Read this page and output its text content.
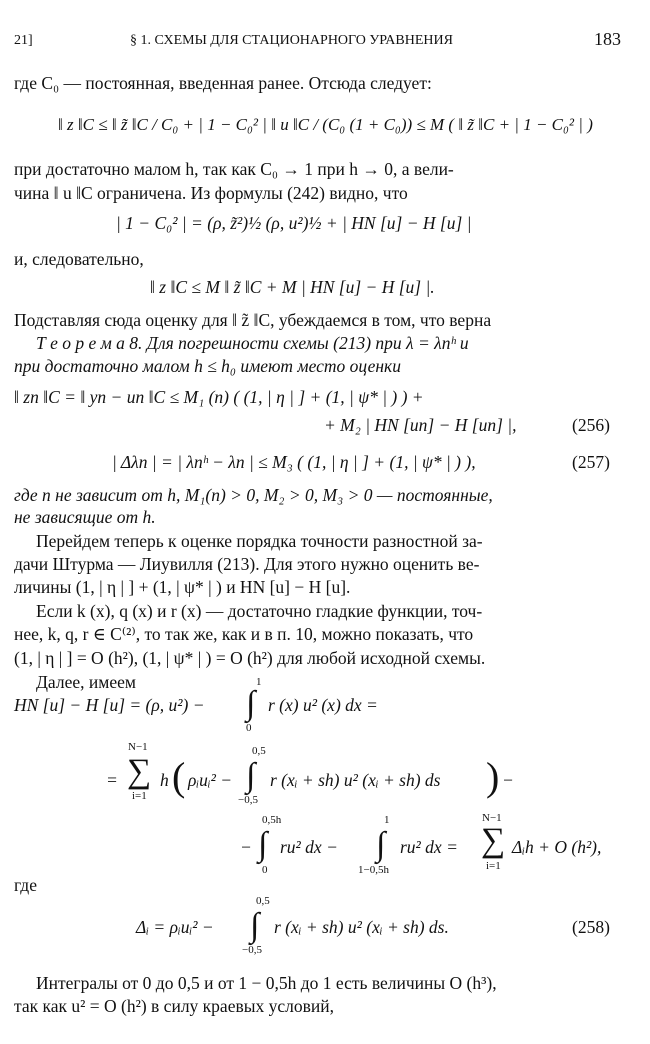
21]	§ 1. СХЕМЫ ДЛЯ СТАЦИОНАРНОГО УРАВНЕНИЯ	183
где C₀ — постоянная, введенная ранее. Отсюда следует:
‖ z ‖C ≤ ‖ z̃ ‖C / C₀ + | 1 − C₀² | ‖ u ‖C / (C₀ (1 + C₀)) ≤ M ( ‖ z̃ ‖C + | 1 − C₀² | )
при достаточно малом h, так как C₀ → 1 при h → 0, а вели-
чина ‖ u ‖C ограничена. Из формулы (242) видно, что
| 1 − C₀² | = (ρ, z̃²)½ (ρ, u²)½ + | HN [u] − H [u] |
и, следовательно,
‖ z ‖C ≤ M ‖ z̃ ‖C + M | HN [u] − H [u] |.
Подставляя сюда оценку для ‖ z̃ ‖C, убеждаемся в том, что верна
Т е о р е м а 8. Для погрешности схемы (213) при λ = λnʰ и
при достаточно малом h ≤ h₀ имеют место оценки
‖ zn ‖C = ‖ yn − un ‖C ≤ M₁ (n) ( (1, | η | ] + (1, | ψ* | ) ) +
+ M₂ | HN [un] − H [un] |,	(256)
| Δλn | = | λnʰ − λn | ≤ M₃ ( (1, | η | ] + (1, | ψ* | ) ),	(257)
где n не зависит от h, M₁(n) > 0, M₂ > 0, M₃ > 0 — постоянные,
не зависящие от h.
Перейдем теперь к оценке порядка точности разностной за-
дачи Штурма — Лиувилля (213). Для этого нужно оценить ве-
личины (1, | η | ] + (1, | ψ* | ) и HN [u] − H [u].
Если k (x), q (x) и r (x) — достаточно гладкие функции, точ-
нее, k, q, r ∈ C⁽²⁾, то так же, как и в п. 10, можно показать, что
(1, | η | ] = O (h²), (1, | ψ* | ) = O (h²) для любой исходной схемы.
Далее, имеем
HN [u] − H [u] = (ρ, u²) −
1
∫
0
r (x) u² (x) dx =
=
N−1
∑
i=1
h ( ρᵢuᵢ² −
0,5
∫
−0,5
r (xᵢ + sh) u² (xᵢ + sh) ds ) −
−
0,5h
∫
0
ru² dx −
1
∫
1−0,5h
ru² dx =
N−1
∑
i=1
Δᵢh + O (h²),
где
Δᵢ = ρᵢuᵢ² −
0,5
∫
−0,5
r (xᵢ + sh) u² (xᵢ + sh) ds.	(258)
Интегралы от 0 до 0,5 и от 1 − 0,5h до 1 есть величины O (h³),
так как u² = O (h²) в силу краевых условий,
